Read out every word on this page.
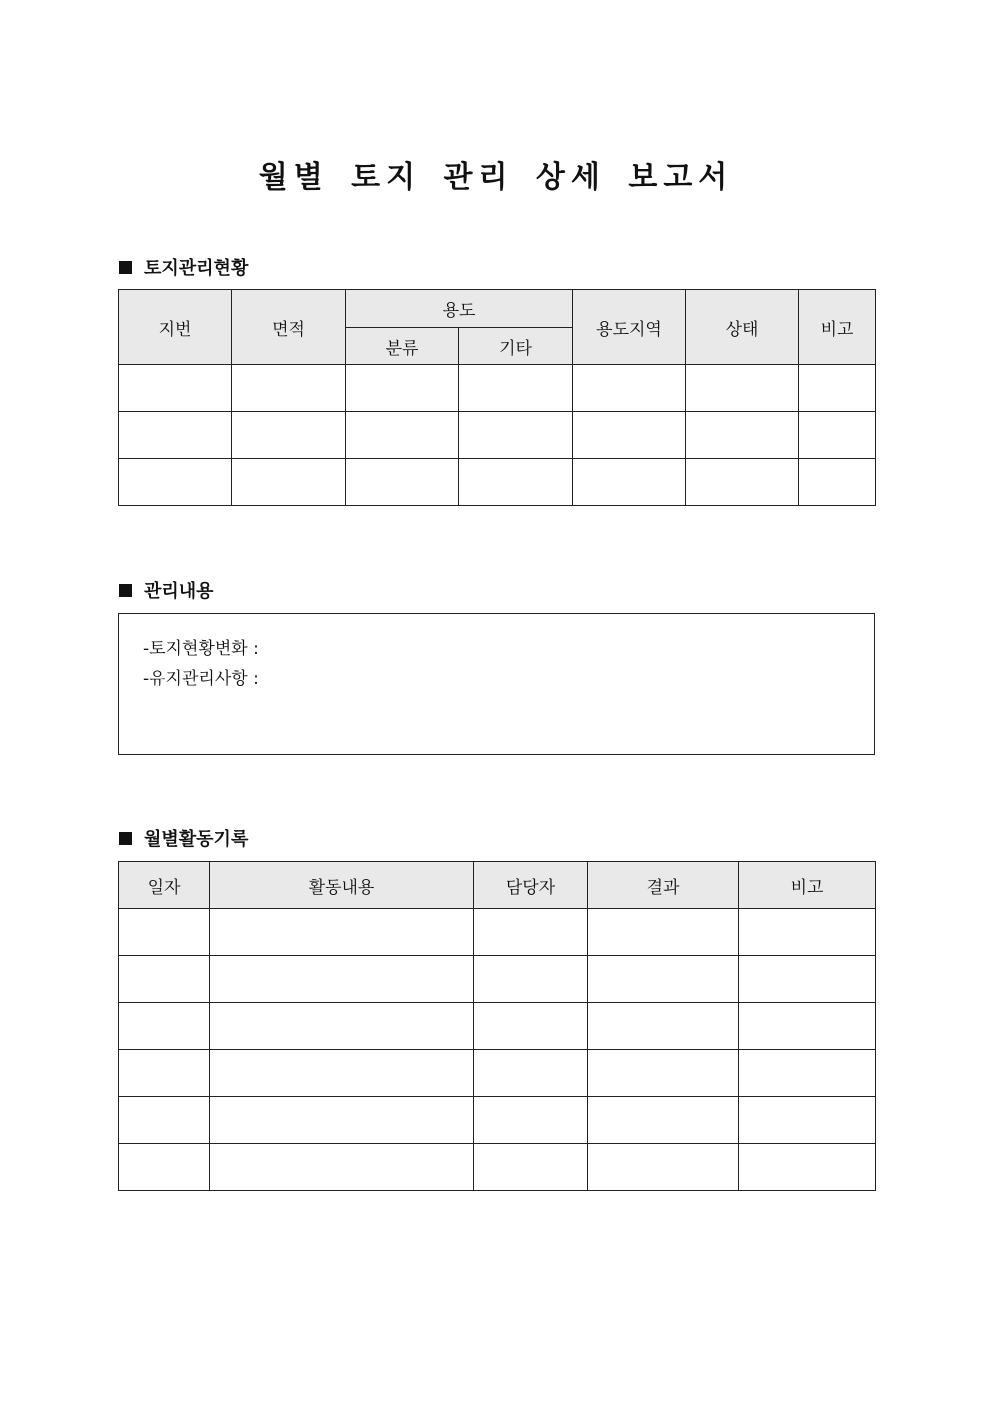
월별 토지 관리 상세 보고서
토지관리현황
지번	면적	용도		용도지역	상태	비고
		분류	기타			

관리내용
-토지현황변화 :
-유지관리사항 :
월별활동기록
일자	활동내용	담당자	결과	비고
